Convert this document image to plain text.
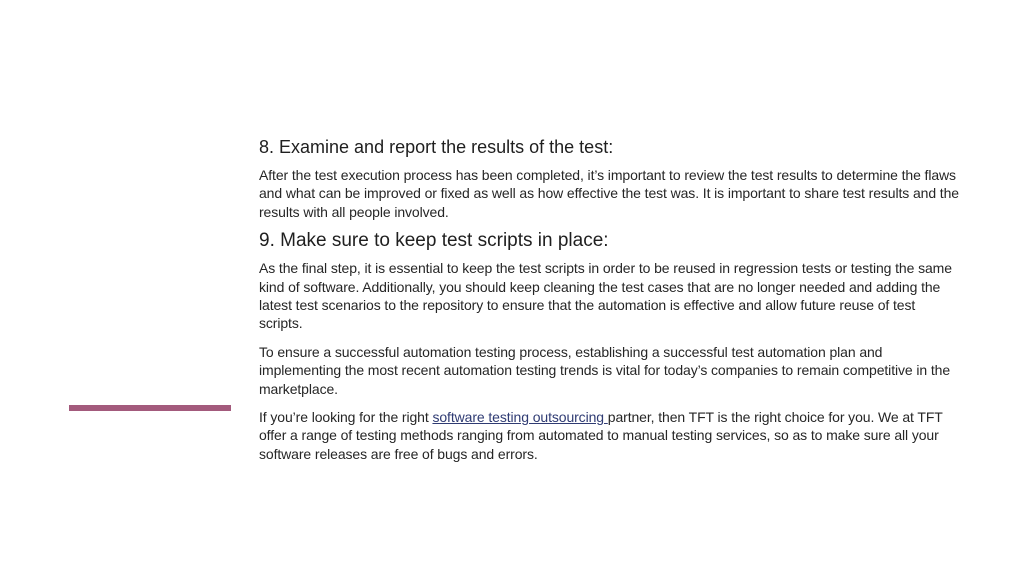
8. Examine and report the results of the test:

After the test execution process has been completed, it’s important to review the test results to determine the flaws and what can be improved or fixed as well as how effective the test was. It is important to share test results and the results with all people involved.

9. Make sure to keep test scripts in place:

As the final step, it is essential to keep the test scripts in order to be reused in regression tests or testing the same kind of software. Additionally, you should keep cleaning the test cases that are no longer needed and adding the latest test scenarios to the repository to ensure that the automation is effective and allow future reuse of test scripts.

To ensure a successful automation testing process, establishing a successful test automation plan and implementing the most recent automation testing trends is vital for today’s companies to remain competitive in the marketplace.

If you’re looking for the right software testing outsourcing partner, then TFT is the right choice for you. We at TFT offer a range of testing methods ranging from automated to manual testing services, so as to make sure all your software releases are free of bugs and errors.
